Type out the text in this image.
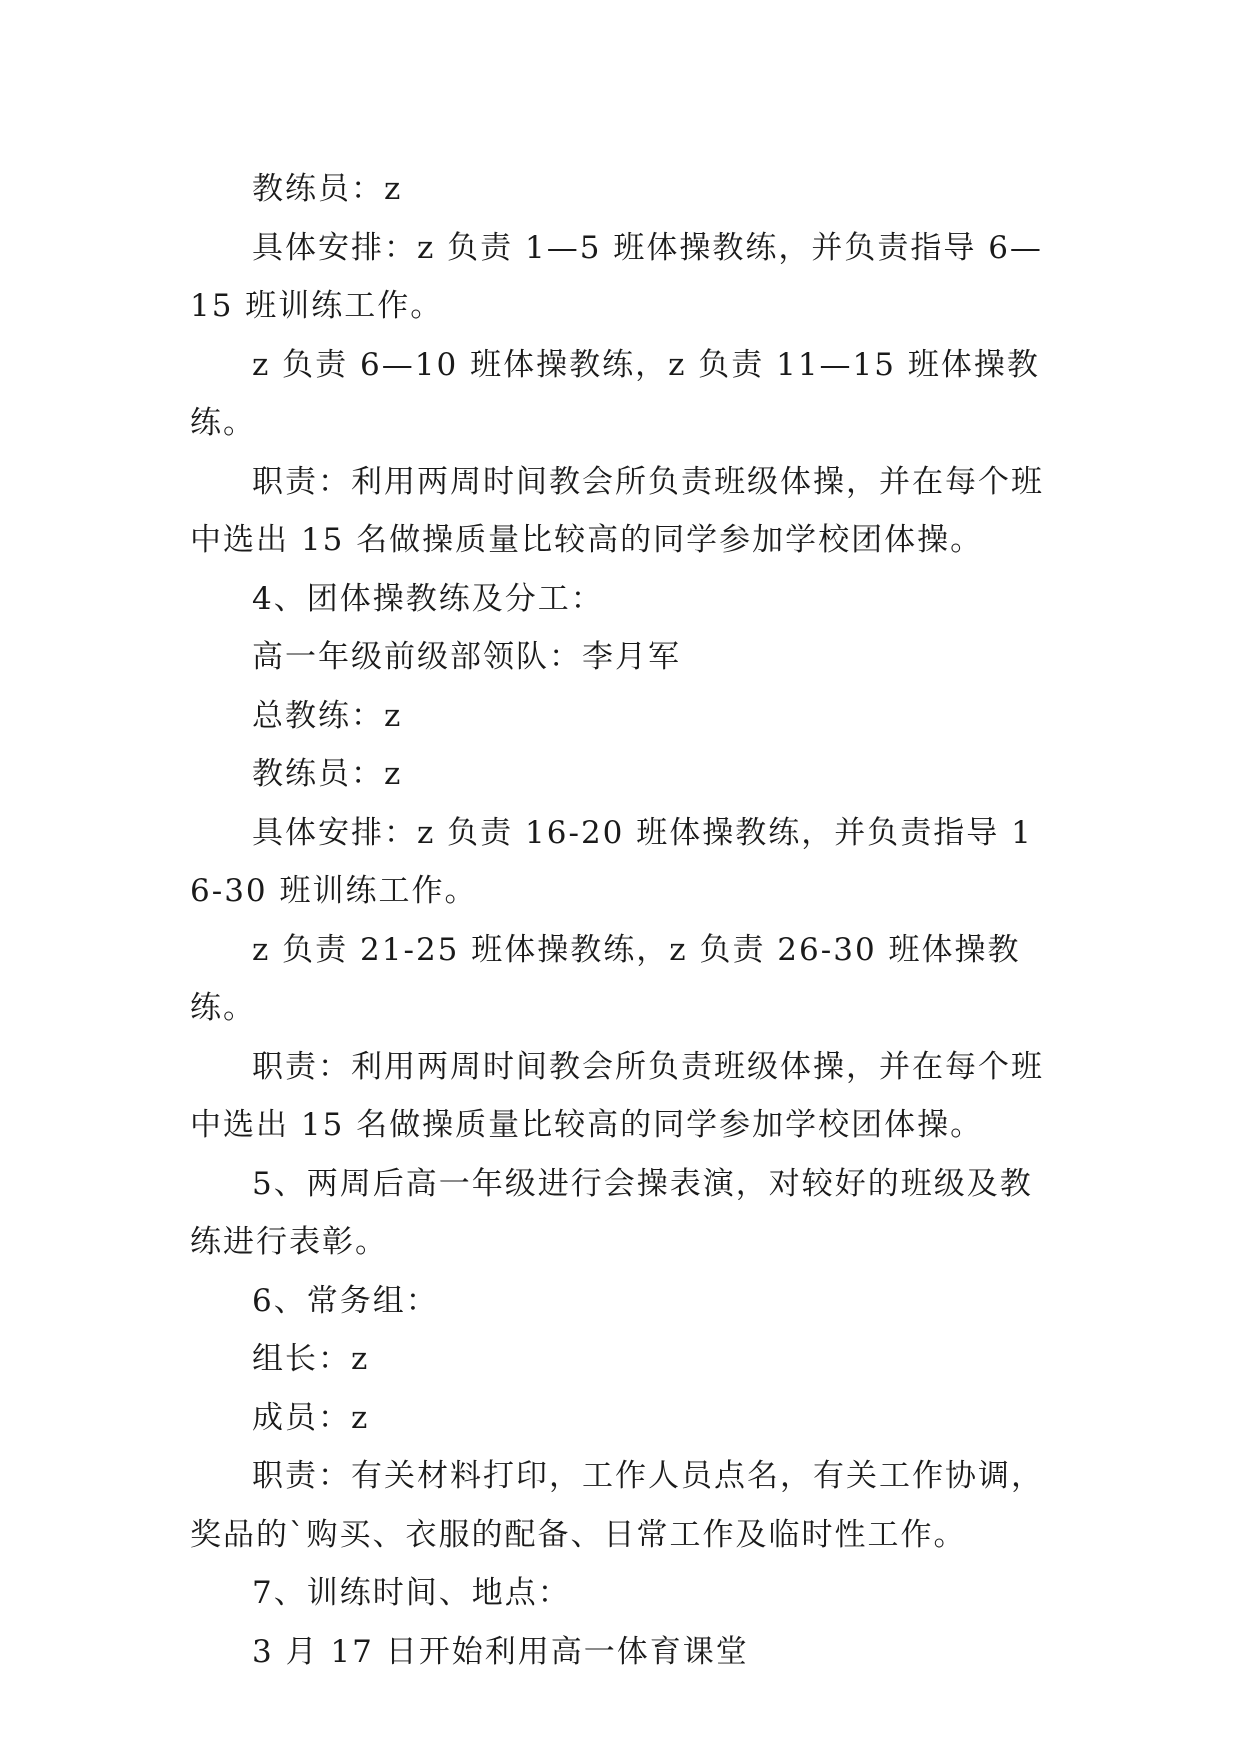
教练员：z

具体安排：z 负责 1—5 班体操教练，并负责指导 6—15 班训练工作。

z 负责 6—10 班体操教练，z 负责 11—15 班体操教练。

职责：利用两周时间教会所负责班级体操，并在每个班中选出 15 名做操质量比较高的同学参加学校团体操。

4、团体操教练及分工：

高一年级前级部领队：李月军

总教练：z

教练员：z

具体安排：z 负责 16-20 班体操教练，并负责指导 16-30 班训练工作。

z 负责 21-25 班体操教练，z 负责 26-30 班体操教练。

职责：利用两周时间教会所负责班级体操，并在每个班中选出 15 名做操质量比较高的同学参加学校团体操。

5、两周后高一年级进行会操表演，对较好的班级及教练进行表彰。

6、常务组：

组长：z

成员：z

职责：有关材料打印，工作人员点名，有关工作协调，奖品的`购买、衣服的配备、日常工作及临时性工作。

7、训练时间、地点：

3 月 17 日开始利用高一体育课堂
